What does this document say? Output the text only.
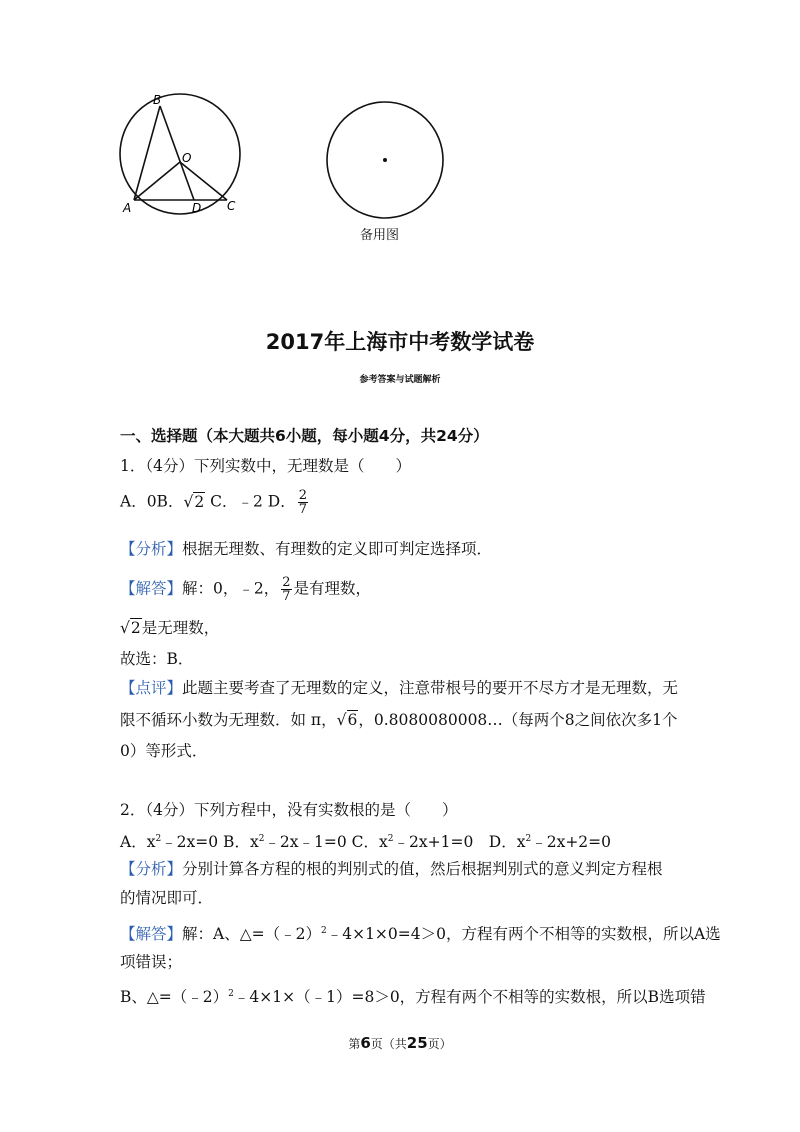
B
O
A	D C
备用图
2017年上海市中考数学试卷
参考答案与试题解析
一、选择题（本大题共6小题，每小题4分，共24分）
1．（4分）下列实数中，无理数是（　　）
A．0B．√2 C．﹣2 D． $\frac{2}{7}$
【分析】根据无理数、有理数的定义即可判定选择项．
【解答】解：0，﹣2， $\frac{2}{7}$ 是有理数，
√2是无理数，
故选：B．
【点评】此题主要考查了无理数的定义，注意带根号的要开不尽方才是无理数，无
限不循环小数为无理数．如 π，√6，0.8080080008…（每两个8之间依次多1个
0）等形式．
2．（4分）下列方程中，没有实数根的是（　　）
A．$x^2﹣2x=0$ B．$x^2﹣2x﹣1=0$ C．$x^2﹣2x+1=0$　D．$x^2﹣2x+2=0$
【分析】分别计算各方程的根的判别式的值，然后根据判别式的意义判定方程根
的情况即可．
【解答】解：A、△=（﹣2）$^2$﹣4×1×0=4＞0，方程有两个不相等的实数根，所以A选
项错误；
B、△=（﹣2）$^2$﹣4×1×（﹣1）=8＞0，方程有两个不相等的实数根，所以B选项错
第6页（共25页）
